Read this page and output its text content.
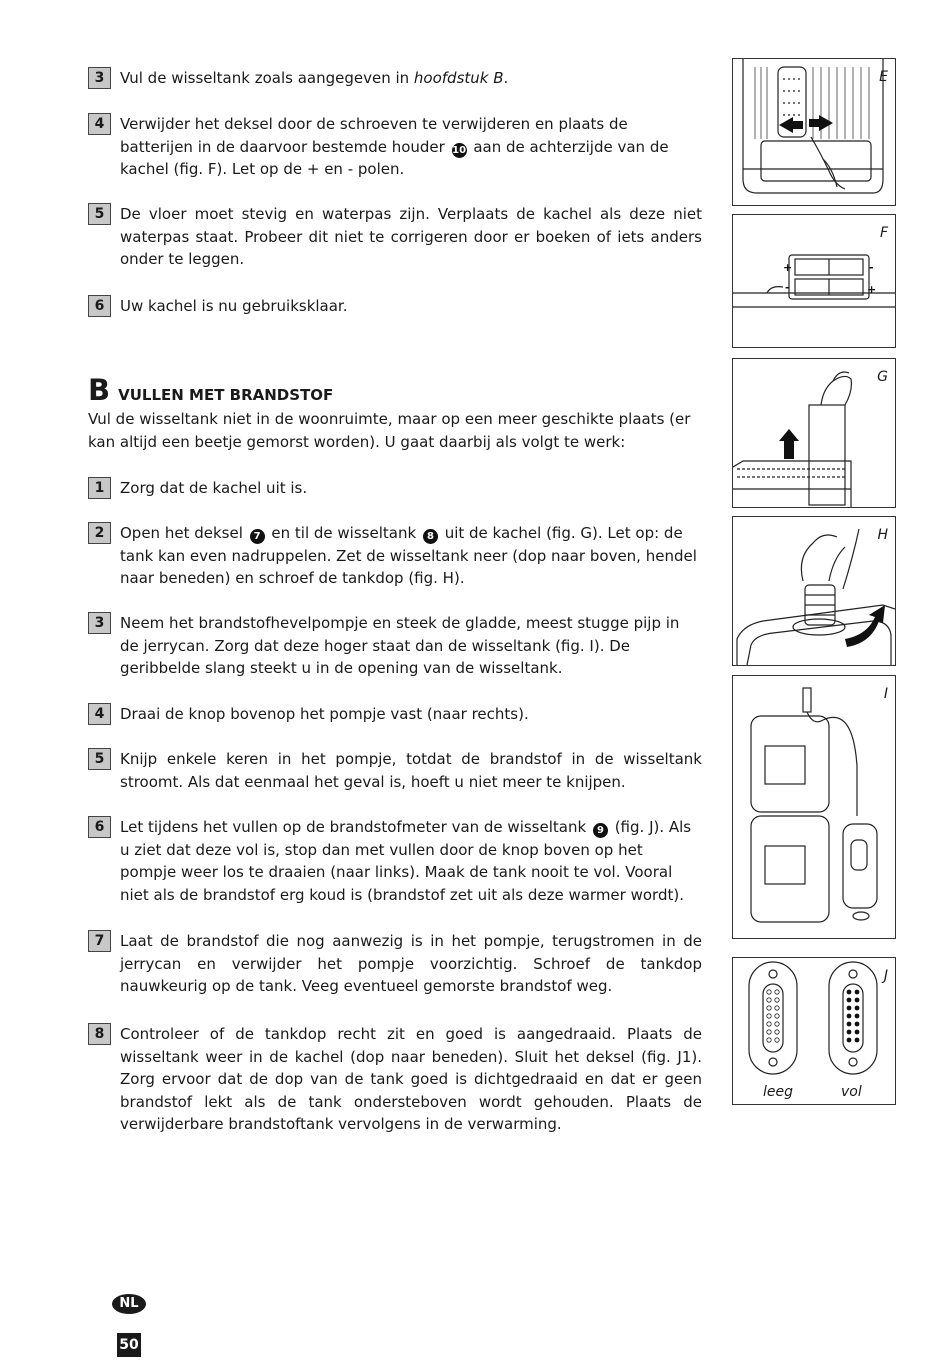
3	Vul de wisseltank zoals aangegeven in hoofdstuk B.
4	Verwijder het deksel door de schroeven te verwijderen en plaats de batterijen in de daarvoor bestemde houder 10 aan de achterzijde van de kachel (fig. F). Let op de + en - polen.
5	De vloer moet stevig en waterpas zijn. Verplaats de kachel als deze niet waterpas staat. Probeer dit niet te corrigeren door er boeken of iets anders onder te leggen.
6	Uw kachel is nu gebruiksklaar.
BVULLEN MET BRANDSTOF
Vul de wisseltank niet in de woonruimte, maar op een meer geschikte plaats (er kan altijd een beetje gemorst worden). U gaat daarbij als volgt te werk:
1	Zorg dat de kachel uit is.
2	Open het deksel 7 en til de wisseltank 8 uit de kachel (fig. G). Let op: de tank kan even nadruppelen. Zet de wisseltank neer (dop naar boven, hendel naar beneden) en schroef de tankdop (fig. H).
3	Neem het brandstofhevelpompje en steek de gladde, meest stugge pijp in de jerrycan. Zorg dat deze hoger staat dan de wisseltank (fig. I). De geribbelde slang steekt u in de opening van de wisseltank.
4	Draai de knop bovenop het pompje vast (naar rechts).
5	Knijp enkele keren in het pompje, totdat de brandstof in de wisseltank stroomt. Als dat eenmaal het geval is, hoeft u niet meer te knijpen.
6	Let tijdens het vullen op de brandstofmeter van de wisseltank 9 (fig. J). Als u ziet dat deze vol is, stop dan met vullen door de knop boven op het pompje weer los te draaien (naar links). Maak de tank nooit te vol. Vooral niet als de brandstof erg koud is (brandstof zet uit als deze warmer wordt).
7	Laat de brandstof die nog aanwezig is in het pompje, terugstromen in de jerrycan en verwijder het pompje voorzichtig. Schroef de tankdop nauwkeurig op de tank. Veeg eventueel gemorste brandstof weg.
8	Controleer of de tankdop recht zit en goed is aangedraaid. Plaats de wisseltank weer in de kachel (dop naar beneden). Sluit het deksel (fig. J1). Zorg ervoor dat de dop van de tank goed is dichtgedraaid en dat er geen brandstof lekt als de tank ondersteboven wordt gehouden. Plaats de verwijderbare brandstoftank vervolgens in de verwarming.
E
F
+	-
-	+
G
H
I
J
leeg	vol
NL
50
